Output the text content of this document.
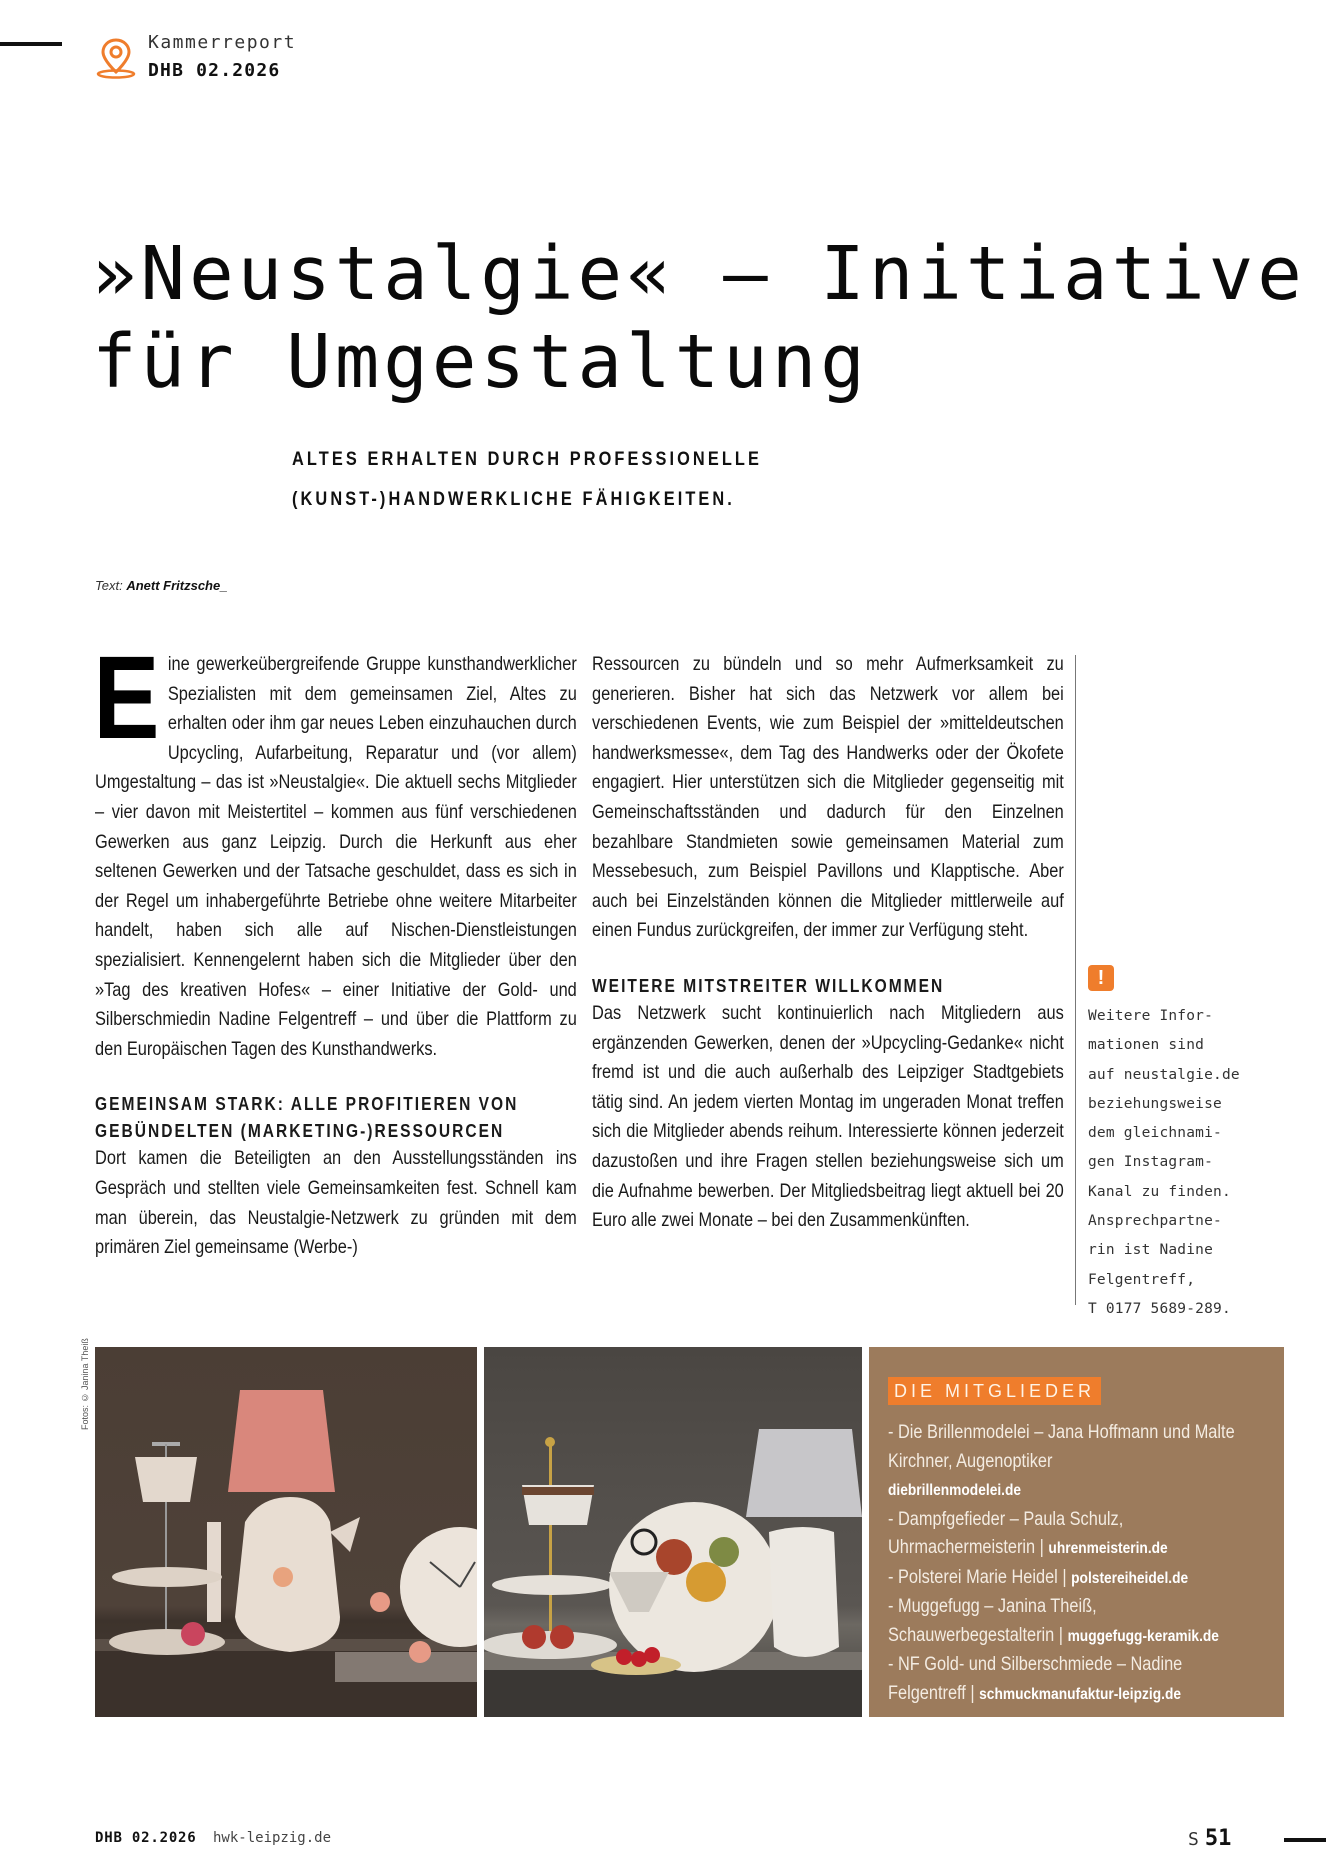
Kammerreport
DHB 02.2026
»Neustalgie« – Initiative
für Umgestaltung
ALTES ERHALTEN DURCH PROFESSIONELLE
(KUNST-)HANDWERKLICHE FÄHIGKEITEN.
Text: Anett Fritzsche_

Eine gewerkeübergreifende Gruppe kunsthandwerklicher Spezialisten mit dem gemeinsamen Ziel, Altes zu erhalten oder ihm gar neues Leben einzuhauchen durch Upcycling, Aufarbeitung, Reparatur und (vor allem) Umgestaltung – das ist »Neustalgie«. Die aktuell sechs Mitglieder – vier davon mit Meistertitel – kommen aus fünf verschiedenen Gewerken aus ganz Leipzig. Durch die Herkunft aus eher seltenen Gewerken und der Tatsache geschuldet, dass es sich in der Regel um inhabergeführte Betriebe ohne weitere Mitarbeiter handelt, haben sich alle auf Nischen-Dienstleistungen spezialisiert. Kennengelernt haben sich die Mitglieder über den »Tag des kreativen Hofes« – einer Initiative der Gold- und Silberschmiedin Nadine Felgentreff – und über die Plattform zu den Europäischen Tagen des Kunsthandwerks.

GEMEINSAM STARK: ALLE PROFITIEREN VON GEBÜNDELTEN (MARKETING-)RESSOURCEN

Dort kamen die Beteiligten an den Ausstellungsständen ins Gespräch und stellten viele Gemeinsamkeiten fest. Schnell kam man überein, das Neustalgie-Netzwerk zu gründen mit dem primären Ziel gemeinsame (Werbe-)

Ressourcen zu bündeln und so mehr Aufmerksamkeit zu generieren. Bisher hat sich das Netzwerk vor allem bei verschiedenen Events, wie zum Beispiel der »mitteldeutschen handwerksmesse«, dem Tag des Handwerks oder der Ökofete engagiert. Hier unterstützen sich die Mitglieder gegenseitig mit Gemeinschaftsständen und dadurch für den Einzelnen bezahlbare Standmieten sowie gemeinsamen Material zum Messebesuch, zum Beispiel Pavillons und Klapptische. Aber auch bei Einzelständen können die Mitglieder mittlerweile auf einen Fundus zurückgreifen, der immer zur Verfügung steht.

WEITERE MITSTREITER WILLKOMMEN

Das Netzwerk sucht kontinuierlich nach Mitgliedern aus ergänzenden Gewerken, denen der »Upcycling-Gedanke« nicht fremd ist und die auch außerhalb des Leipziger Stadtgebiets tätig sind. An jedem vierten Montag im ungeraden Monat treffen sich die Mitglieder abends reihum. Interessierte können jederzeit dazustoßen und ihre Fragen stellen beziehungsweise sich um die Aufnahme bewerben. Der Mitgliedsbeitrag liegt aktuell bei 20 Euro alle zwei Monate – bei den Zusammenkünften.

!
Weitere Infor-
mationen sind
auf neustalgie.de
beziehungsweise
dem gleichnami-
gen Instagram-
Kanal zu finden.
Ansprechpartne-
rin ist Nadine
Felgentreff,
T 0177 5689-289.
Fotos: © Janina Theiß	DIE MITGLIEDER
- Die Brillenmodelei – Jana Hoffmann und Malte Kirchner, Augenoptiker
diebrillenmodelei.de
- Dampfgefieder – Paula Schulz, Uhrmachermeisterin | uhrenmeisterin.de
- Polsterei Marie Heidel | polstereiheidel.de
- Muggefugg – Janina Theiß, Schauwerbegestalterin | muggefugg-keramik.de
- NF Gold- und Silberschmiede – Nadine Felgentreff | schmuckmanufaktur-leipzig.de
DHB 02.2026 hwk-leipzig.de	S 51
